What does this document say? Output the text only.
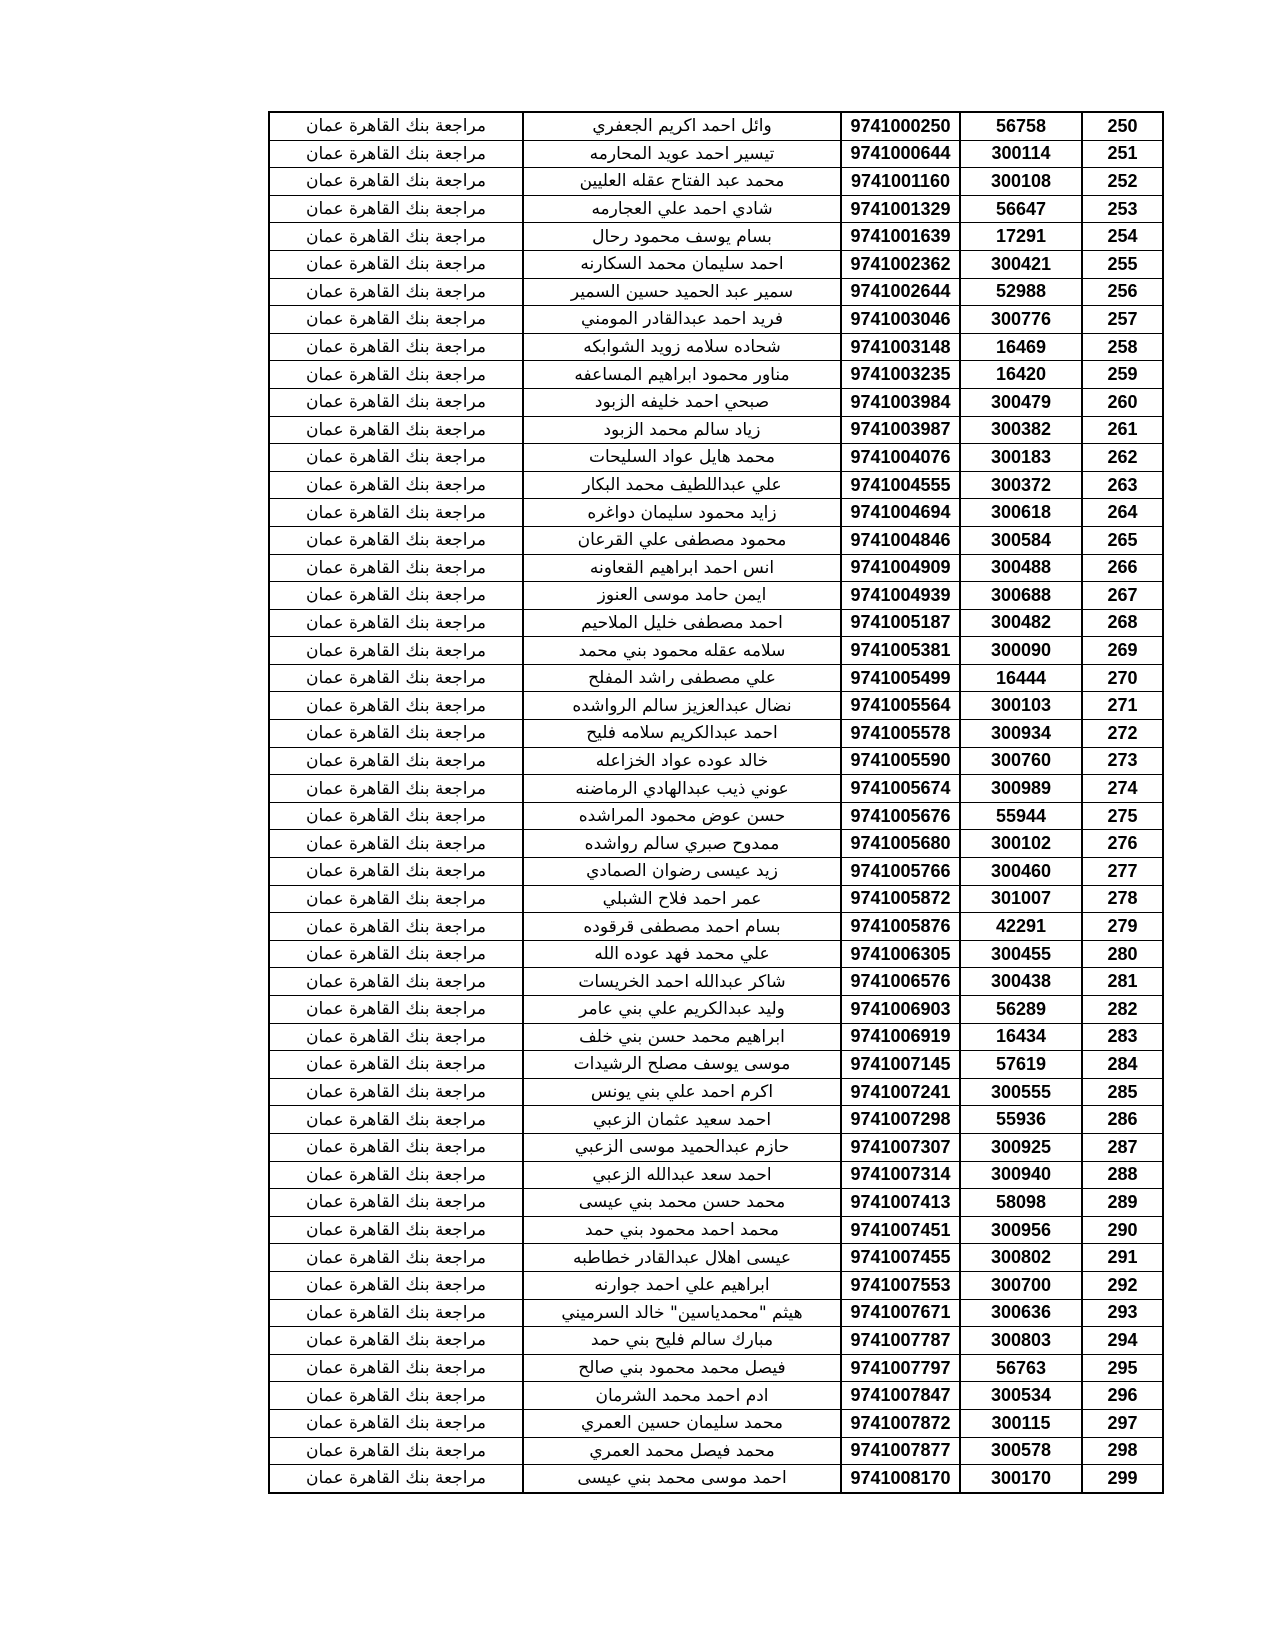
مراجعة بنك القاهرة عمان	وائل احمد اكريم الجعفري	9741000250	56758	250
مراجعة بنك القاهرة عمان	تيسير احمد عويد المحارمه	9741000644	300114	251
مراجعة بنك القاهرة عمان	محمد عبد الفتاح عقله العليين	9741001160	300108	252
مراجعة بنك القاهرة عمان	شادي احمد علي العجارمه	9741001329	56647	253
مراجعة بنك القاهرة عمان	بسام يوسف محمود رحال	9741001639	17291	254
مراجعة بنك القاهرة عمان	احمد سليمان محمد السكارنه	9741002362	300421	255
مراجعة بنك القاهرة عمان	سمير عبد الحميد حسين السمير	9741002644	52988	256
مراجعة بنك القاهرة عمان	فريد احمد عبدالقادر المومني	9741003046	300776	257
مراجعة بنك القاهرة عمان	شحاده سلامه زويد الشوابكه	9741003148	16469	258
مراجعة بنك القاهرة عمان	مناور محمود ابراهيم المساعفه	9741003235	16420	259
مراجعة بنك القاهرة عمان	صبحي احمد خليفه الزبود	9741003984	300479	260
مراجعة بنك القاهرة عمان	زياد سالم محمد الزبود	9741003987	300382	261
مراجعة بنك القاهرة عمان	محمد هايل عواد السليحات	9741004076	300183	262
مراجعة بنك القاهرة عمان	علي عبداللطيف محمد البكار	9741004555	300372	263
مراجعة بنك القاهرة عمان	زايد محمود سليمان دواغره	9741004694	300618	264
مراجعة بنك القاهرة عمان	محمود مصطفى علي القرعان	9741004846	300584	265
مراجعة بنك القاهرة عمان	انس احمد ابراهيم القعاونه	9741004909	300488	266
مراجعة بنك القاهرة عمان	ايمن حامد موسى العنوز	9741004939	300688	267
مراجعة بنك القاهرة عمان	احمد مصطفى خليل الملاحيم	9741005187	300482	268
مراجعة بنك القاهرة عمان	سلامه عقله محمود بني محمد	9741005381	300090	269
مراجعة بنك القاهرة عمان	علي مصطفى راشد المفلح	9741005499	16444	270
مراجعة بنك القاهرة عمان	نضال عبدالعزيز سالم الرواشده	9741005564	300103	271
مراجعة بنك القاهرة عمان	احمد عبدالكريم سلامه فليح	9741005578	300934	272
مراجعة بنك القاهرة عمان	خالد عوده عواد الخزاعله	9741005590	300760	273
مراجعة بنك القاهرة عمان	عوني ذيب عبدالهادي الرماضنه	9741005674	300989	274
مراجعة بنك القاهرة عمان	حسن عوض محمود المراشده	9741005676	55944	275
مراجعة بنك القاهرة عمان	ممدوح صبري سالم رواشده	9741005680	300102	276
مراجعة بنك القاهرة عمان	زيد عيسى رضوان الصمادي	9741005766	300460	277
مراجعة بنك القاهرة عمان	عمر احمد فلاح الشبلي	9741005872	301007	278
مراجعة بنك القاهرة عمان	بسام احمد مصطفى قرقوده	9741005876	42291	279
مراجعة بنك القاهرة عمان	علي محمد فهد عوده الله	9741006305	300455	280
مراجعة بنك القاهرة عمان	شاكر عبدالله احمد الخريسات	9741006576	300438	281
مراجعة بنك القاهرة عمان	وليد عبدالكريم علي بني عامر	9741006903	56289	282
مراجعة بنك القاهرة عمان	ابراهيم محمد حسن بني خلف	9741006919	16434	283
مراجعة بنك القاهرة عمان	موسى يوسف مصلح الرشيدات	9741007145	57619	284
مراجعة بنك القاهرة عمان	اكرم احمد علي بني يونس	9741007241	300555	285
مراجعة بنك القاهرة عمان	احمد سعيد عثمان الزعبي	9741007298	55936	286
مراجعة بنك القاهرة عمان	حازم عبدالحميد موسى الزعبي	9741007307	300925	287
مراجعة بنك القاهرة عمان	احمد سعد عبدالله الزعبي	9741007314	300940	288
مراجعة بنك القاهرة عمان	محمد حسن محمد بني عيسى	9741007413	58098	289
مراجعة بنك القاهرة عمان	محمد احمد محمود بني حمد	9741007451	300956	290
مراجعة بنك القاهرة عمان	عيسى اهلال عبدالقادر خطاطبه	9741007455	300802	291
مراجعة بنك القاهرة عمان	ابراهيم علي احمد جوارنه	9741007553	300700	292
مراجعة بنك القاهرة عمان	هيثم "محمدياسين" خالد السرميني	9741007671	300636	293
مراجعة بنك القاهرة عمان	مبارك سالم فليح بني حمد	9741007787	300803	294
مراجعة بنك القاهرة عمان	فيصل محمد محمود بني صالح	9741007797	56763	295
مراجعة بنك القاهرة عمان	ادم احمد محمد الشرمان	9741007847	300534	296
مراجعة بنك القاهرة عمان	محمد سليمان حسين العمري	9741007872	300115	297
مراجعة بنك القاهرة عمان	محمد فيصل محمد العمري	9741007877	300578	298
مراجعة بنك القاهرة عمان	احمد موسى محمد بني عيسى	9741008170	300170	299
